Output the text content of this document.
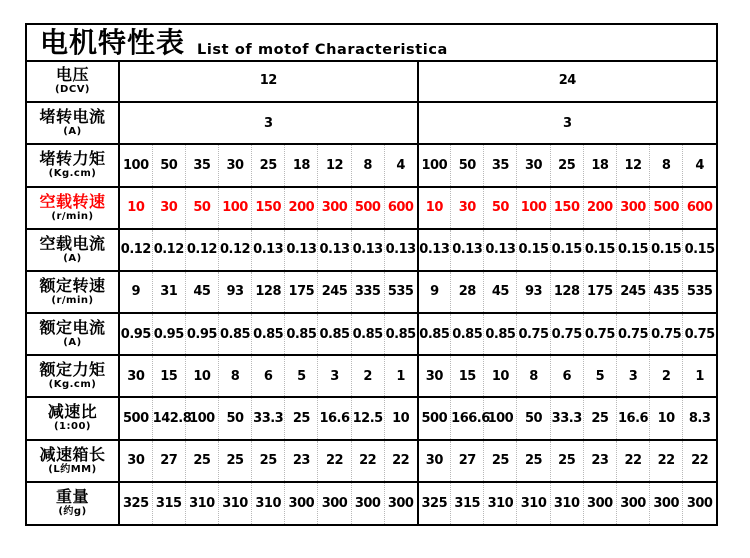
电机特性表 List of motof Characteristica
电压
(DCV)	12									24								

堵转电流
(A)	3									3								

堵转力矩
(Kg.cm)	100	50	35	30	25	18	12	8	4	100	50	35	30	25	18	12	8	4

空载转速
(r/min)	10	30	50	100	150	200	300	500	600	10	30	50	100	150	200	300	500	600

空载电流
(A)	0.12	0.12	0.12	0.12	0.13	0.13	0.13	0.13	0.13	0.13	0.13	0.13	0.15	0.15	0.15	0.15	0.15	0.15

额定转速
(r/min)	9	31	45	93	128	175	245	335	535	9	28	45	93	128	175	245	435	535

额定电流
(A)	0.95	0.95	0.95	0.85	0.85	0.85	0.85	0.85	0.85	0.85	0.85	0.85	0.75	0.75	0.75	0.75	0.75	0.75

额定力矩
(Kg.cm)	30	15	10	8	6	5	3	2	1	30	15	10	8	6	5	3	2	1

减速比
(1:00)	500	142.8	100	50	33.3	25	16.6	12.5	10	500	166.6	100	50	33.3	25	16.6	10	8.3

减速箱长
(L约MM)	30	27	25	25	25	23	22	22	22	30	27	25	25	25	23	22	22	22

重量
(约g)	325	315	310	310	310	300	300	300	300	325	315	310	310	310	300	300	300	300
